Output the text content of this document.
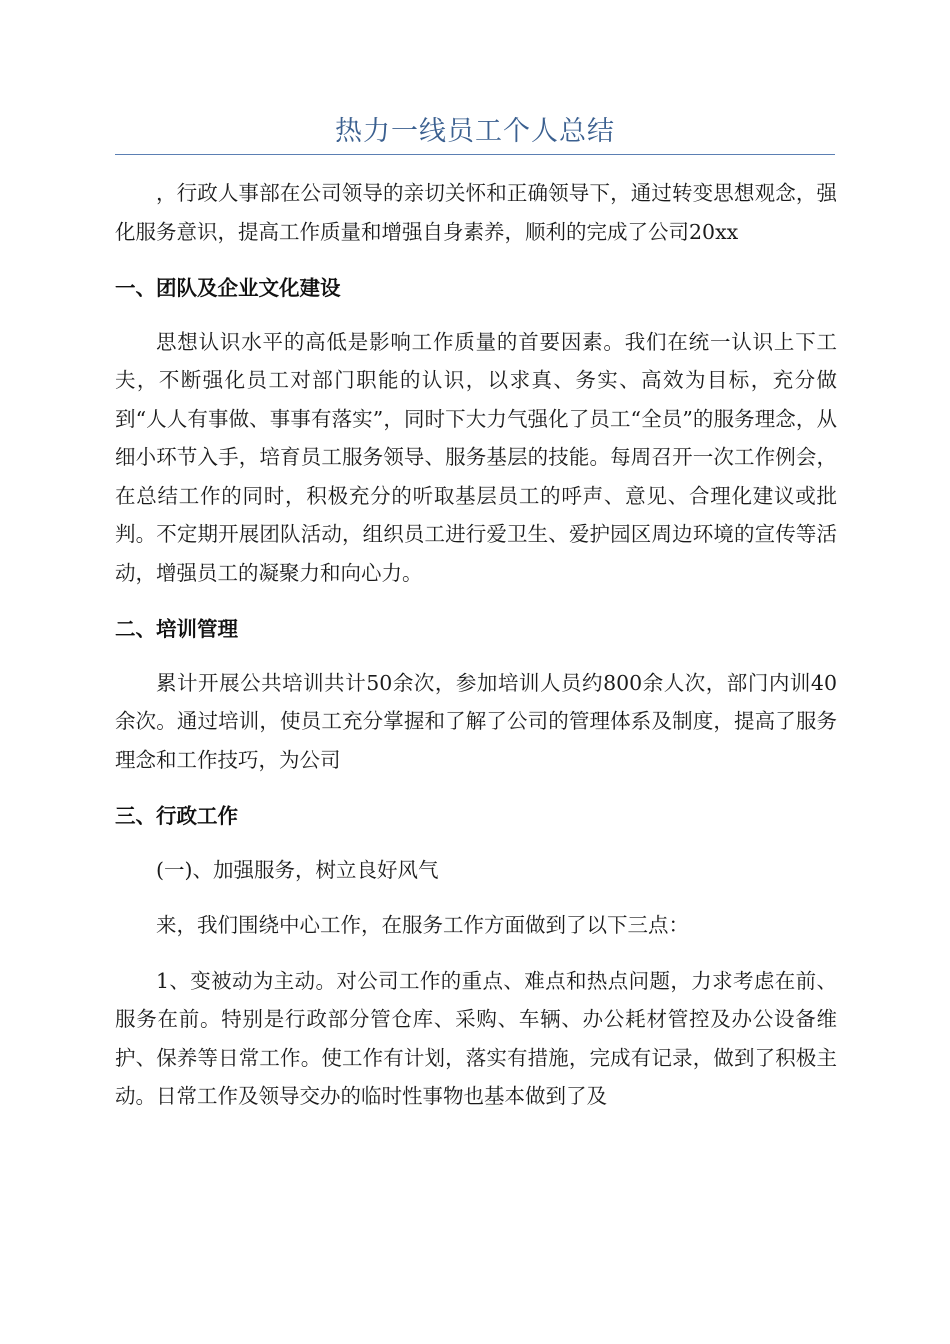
热力一线员工个人总结

，行政人事部在公司领导的亲切关怀和正确领导下，通过转变思想观念，强化服务意识，提高工作质量和增强自身素养，顺利的完成了公司20xx

一、团队及企业文化建设

思想认识水平的高低是影响工作质量的首要因素。我们在统一认识上下工夫，不断强化员工对部门职能的认识，以求真、务实、高效为目标，充分做到“人人有事做、事事有落实”，同时下大力气强化了员工“全员”的服务理念，从细小环节入手，培育员工服务领导、服务基层的技能。每周召开一次工作例会，在总结工作的同时，积极充分的听取基层员工的呼声、意见、合理化建议或批判。不定期开展团队活动，组织员工进行爱卫生、爱护园区周边环境的宣传等活动，增强员工的凝聚力和向心力。

二、培训管理

累计开展公共培训共计50余次，参加培训人员约800余人次，部门内训40余次。通过培训，使员工充分掌握和了解了公司的管理体系及制度，提高了服务理念和工作技巧，为公司

三、行政工作

(一)、加强服务，树立良好风气

来，我们围绕中心工作，在服务工作方面做到了以下三点：

1、变被动为主动。对公司工作的重点、难点和热点问题，力求考虑在前、服务在前。特别是行政部分管仓库、采购、车辆、办公耗材管控及办公设备维护、保养等日常工作。使工作有计划，落实有措施，完成有记录，做到了积极主动。日常工作及领导交办的临时性事物也基本做到了及
